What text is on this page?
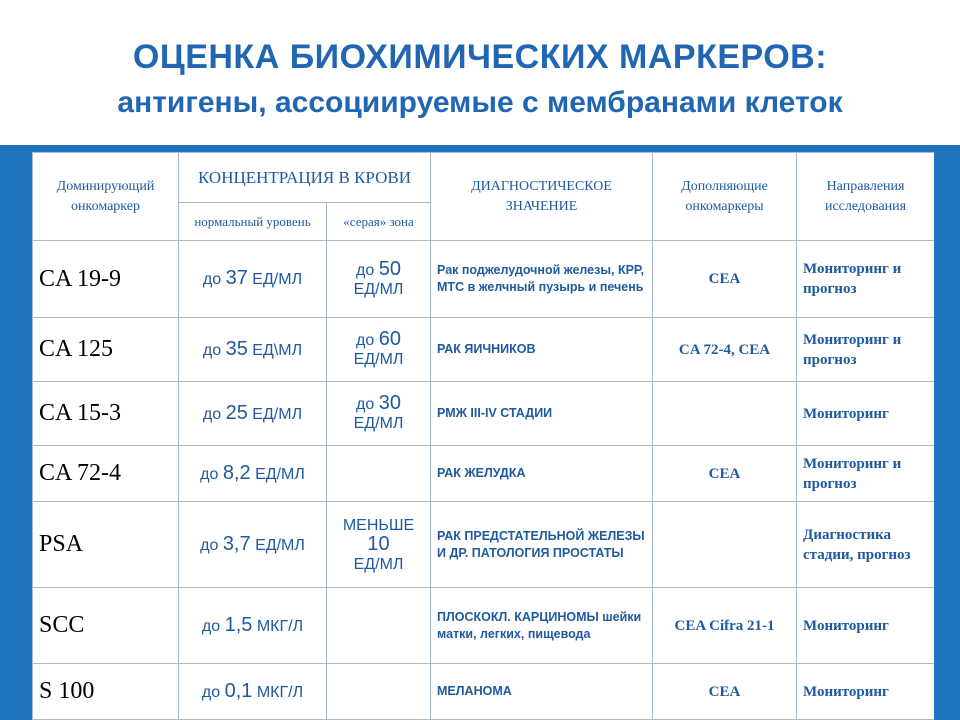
ОЦЕНКА БИОХИМИЧЕСКИХ МАРКЕРОВ:
антигены, ассоциируемые с мембранами клеток
Доминирующий онкомаркер	КОНЦЕНТРАЦИЯ В КРОВИ		ДИАГНОСТИЧЕСКОЕ ЗНАЧЕНИЕ	Дополняющие онкомаркеры	Направления исследования
	нормальный уровень	«серая» зона			
CA 19-9	до 37 ЕД/МЛ	до 50
ЕД/МЛ	Рак поджелудочной железы, КРР, МТС в желчный пузырь и печень	CEA	Мониторинг и прогноз
CA 125	до 35 ЕД\МЛ	до 60
ЕД/МЛ	РАК ЯИЧНИКОВ	CA 72-4, CEA	Мониторинг и прогноз
CA 15-3	до 25 ЕД/МЛ	до 30
ЕД/МЛ	РМЖ III-IV СТАДИИ		Мониторинг
CA 72-4	до 8,2 ЕД/МЛ		РАК ЖЕЛУДКА	CEA	Мониторинг и прогноз
PSA	до 3,7 ЕД/МЛ	МЕНЬШЕ
10
ЕД/МЛ	РАК ПРЕДСТАТЕЛЬНОЙ ЖЕЛЕЗЫ И ДР. ПАТОЛОГИЯ ПРОСТАТЫ		Диагностика стадии, прогноз
SCC	до 1,5 МКГ/Л		ПЛОСКОКЛ. КАРЦИНОМЫ шейки матки, легких, пищевода	CEA Cifra 21-1	Мониторинг
S 100	до 0,1 МКГ/Л		МЕЛАНОМА	CEA	Мониторинг
